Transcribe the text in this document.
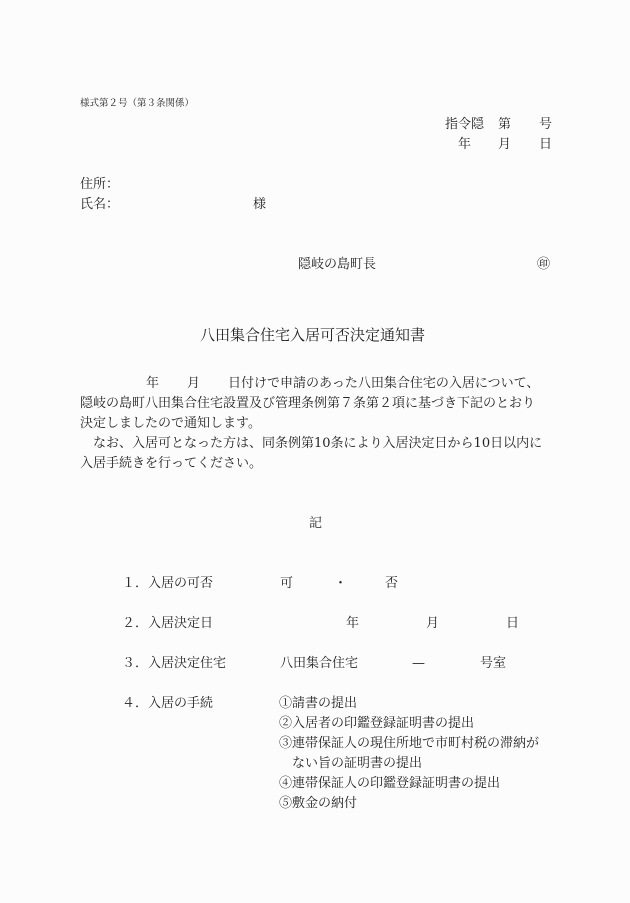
様式第２号（第３条関係）
指令隠 第 号
年 月 日
住所：
氏名：	様
隠岐の島町長	㊞
八田集合住宅入居可否決定通知書
年 月 日付けで申請のあった八田集合住宅の入居について、
隠岐の島町八田集合住宅設置及び管理条例第７条第２項に基づき下記のとおり
決定しましたので通知します。
　なお、入居可となった方は、同条例第10条により入居決定日から10日以内に
入居手続きを行ってください。
記
１．入居の可否	可	・	否
２．入居決定日	年	月	日
３．入居決定住宅	八田集合住宅	—	号室
４．入居の手続	①請書の提出
②入居者の印鑑登録証明書の提出
③連帯保証人の現住所地で市町村税の滞納が
　ない旨の証明書の提出
④連帯保証人の印鑑登録証明書の提出
⑤敷金の納付
